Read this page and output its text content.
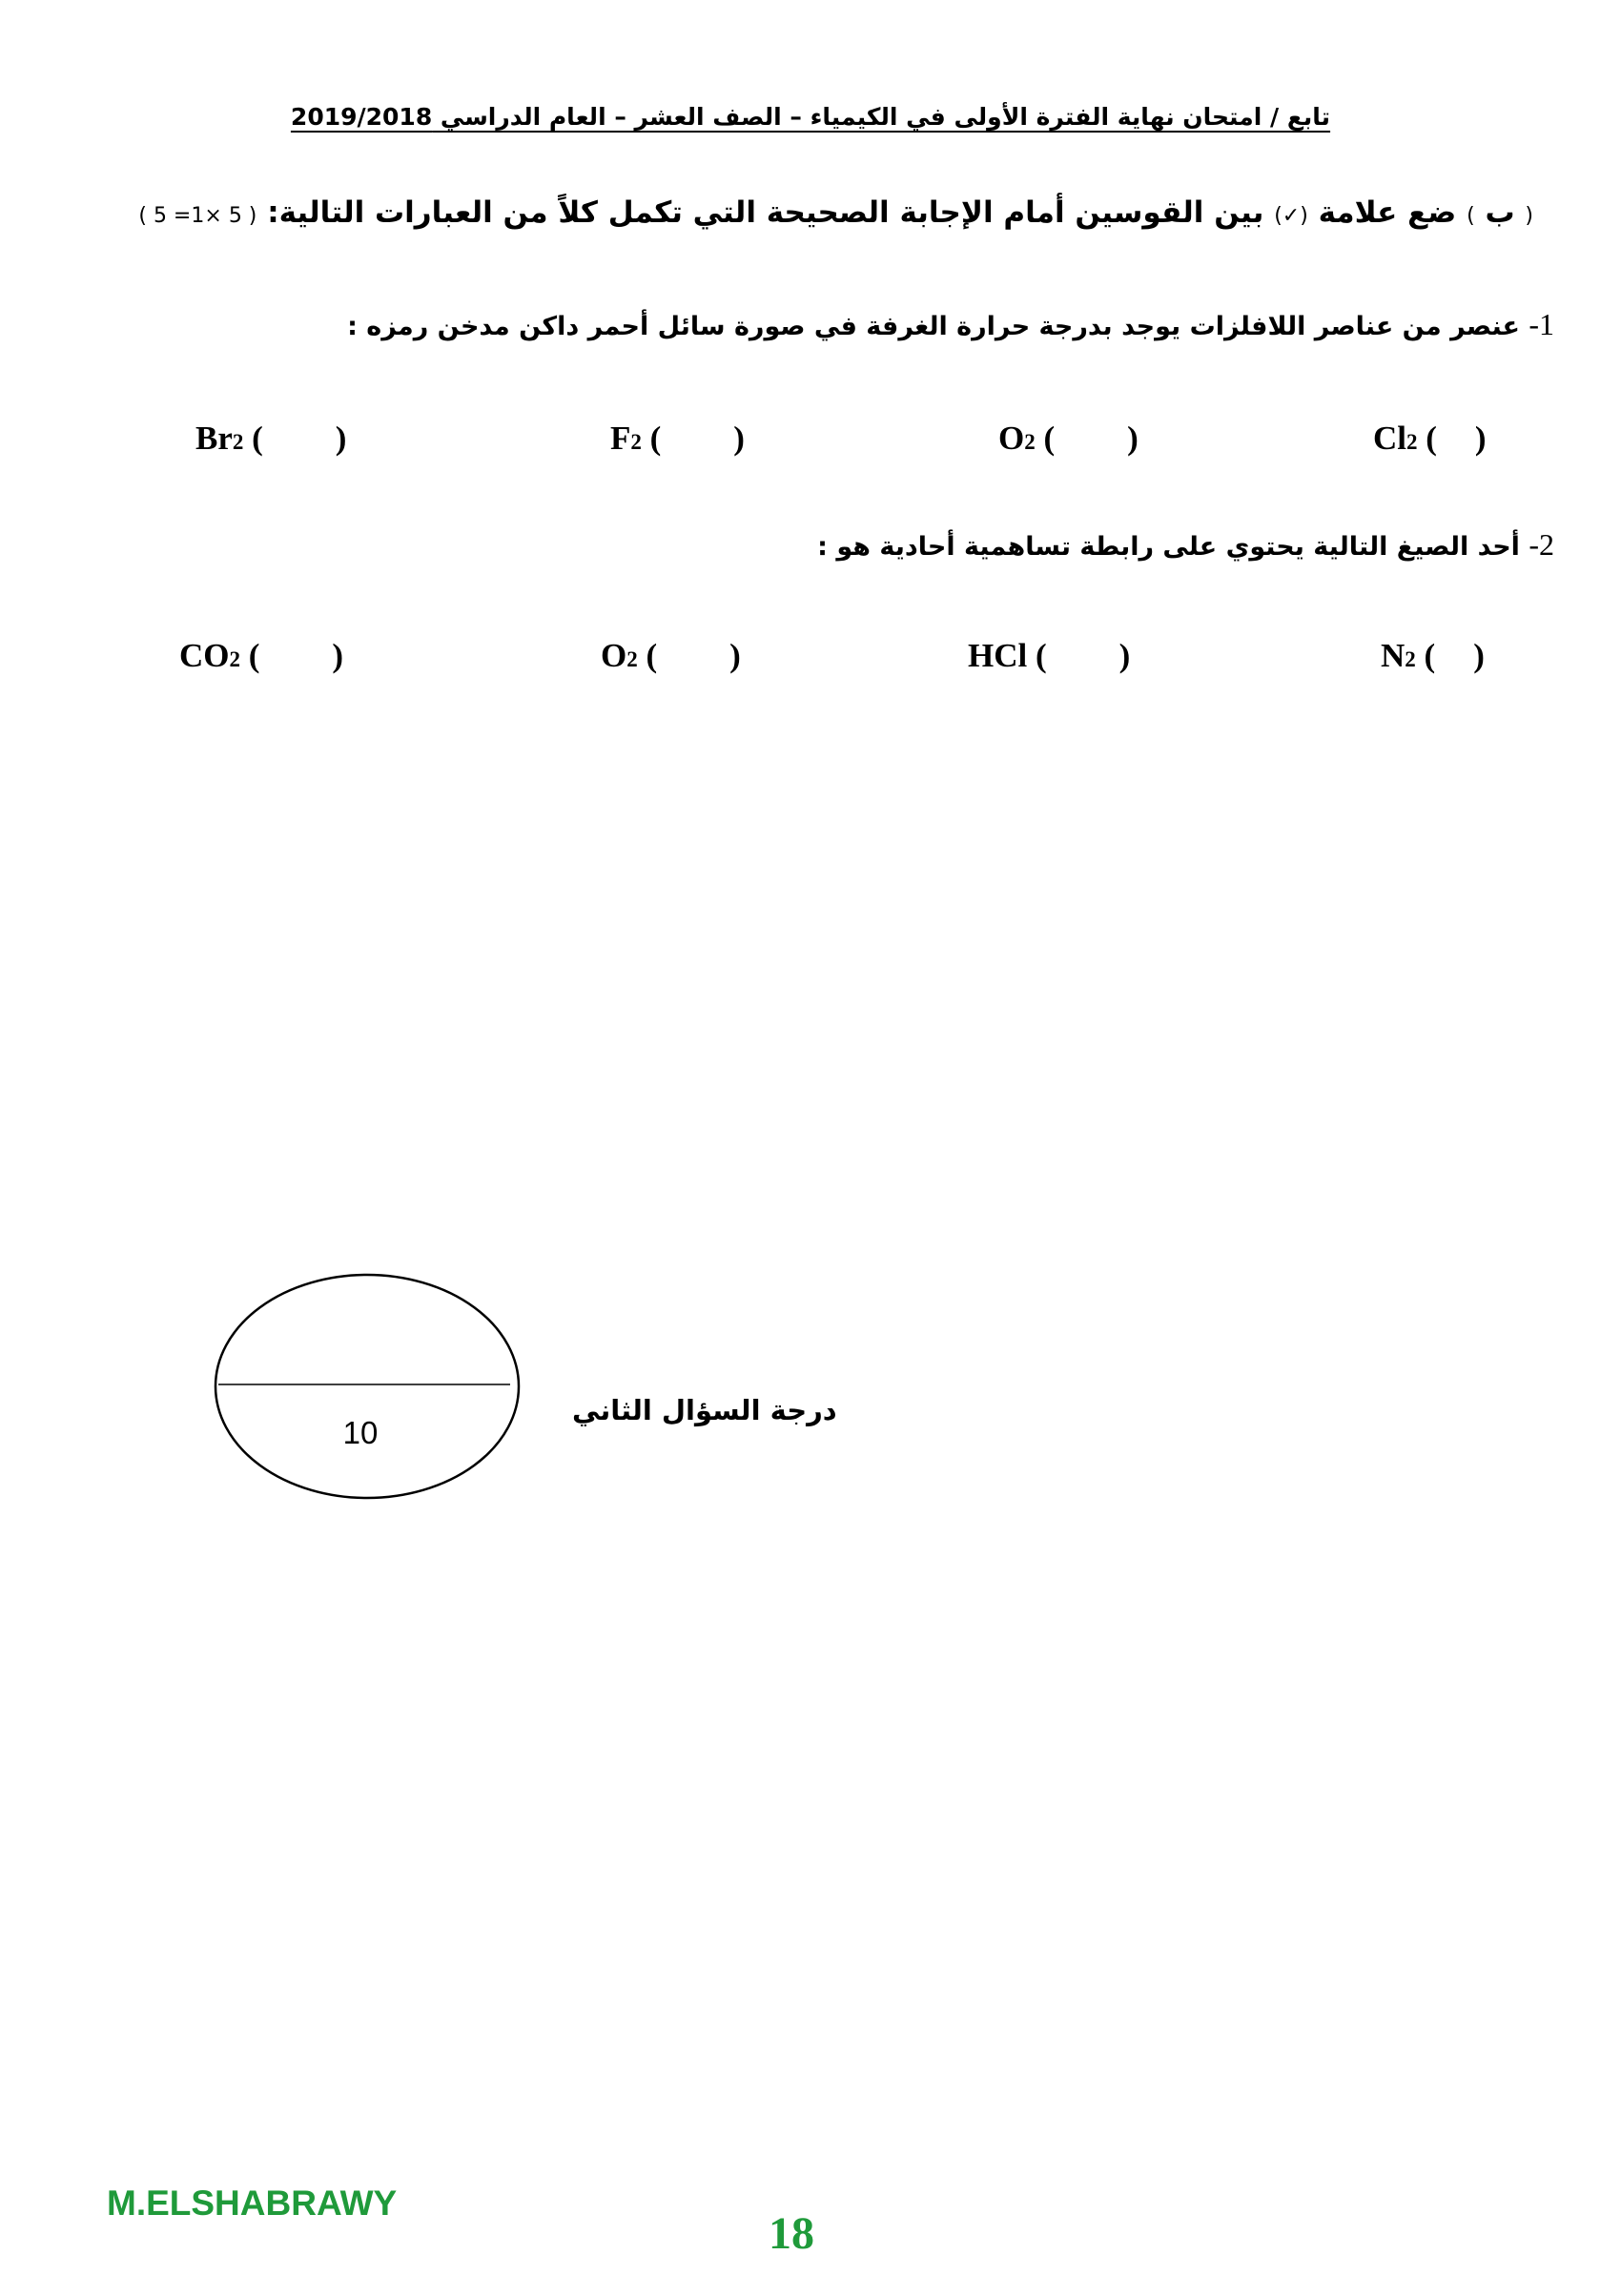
تابع / امتحان نهاية الفترة الأولى في الكيمياء – الصف العشر – العام الدراسي 2019/2018
( ب ) ضع علامة (✓) بين القوسين أمام الإجابة الصحيحة التي تكمل كلاً من العبارات التالية: ( 5 ×1= 5 )
1- عنصر من عناصر اللافلزات يوجد بدرجة حرارة الغرفة في صورة سائل أحمر داكن مدخن رمزه :
Br2 ( )	F2 ( )	O2 ( )	Cl2 ( )
2- أحد الصيغ التالية يحتوي على رابطة تساهمية أحادية هو :
CO2 ( )	O2 ( )	HCl ( )	N2 ( )
10
درجة السؤال الثاني
M.ELSHABRAWY
18
